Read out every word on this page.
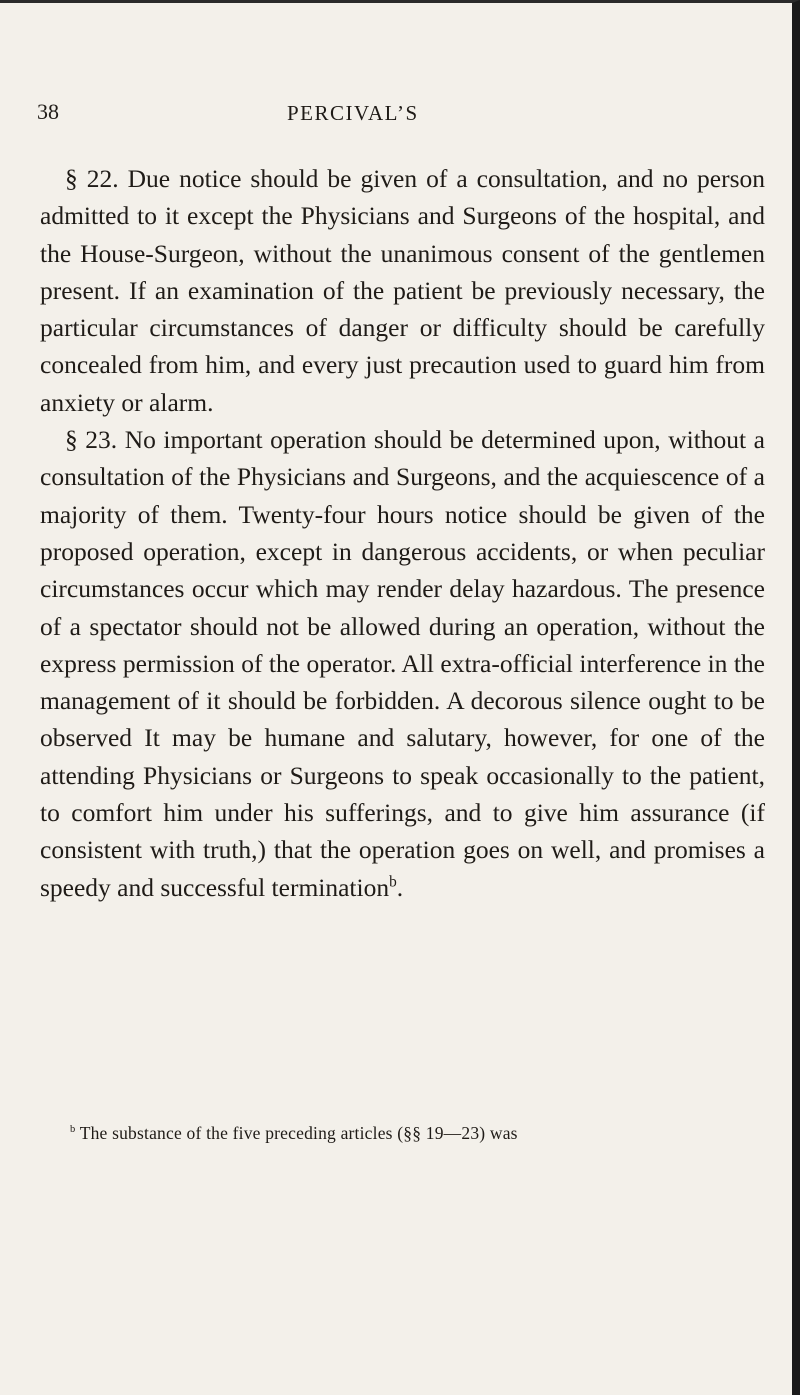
38	PERCIVAL’S

§ 22. Due notice should be given of a consultation, and no person admitted to it except the Physicians and Surgeons of the hospital, and the House-Surgeon, without the unanimous consent of the gentlemen present. If an examination of the patient be previously necessary, the particular circumstances of danger or difficulty should be carefully concealed from him, and every just precaution used to guard him from anxiety or alarm.

§ 23. No important operation should be determined upon, without a consultation of the Physicians and Surgeons, and the acquiescence of a majority of them. Twenty-four hours notice should be given of the proposed operation, except in dangerous accidents, or when peculiar circumstances occur which may render delay hazardous. The presence of a spectator should not be allowed during an operation, without the express permission of the operator. All extra-official interference in the management of it should be forbidden. A decorous silence ought to be observed It may be humane and salutary, however, for one of the attending Physicians or Surgeons to speak occasionally to the patient, to comfort him under his sufferings, and to give him assurance (if consistent with truth,) that the operation goes on well, and promises a speedy and successful termination$^b$.

$^b$ The substance of the five preceding articles (§§ 19—23) was
